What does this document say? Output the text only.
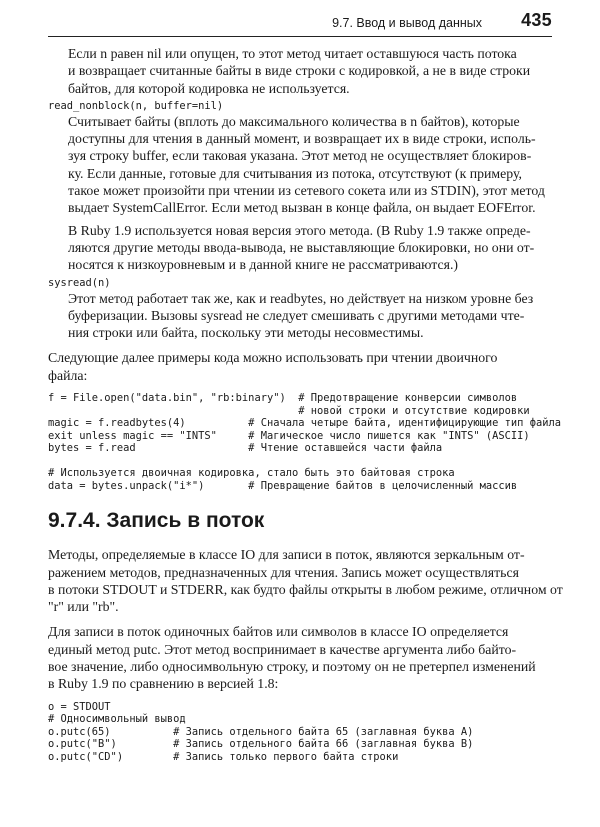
9.7. Ввод и вывод данных 435

Если n равен nil или опущен, то этот метод читает оставшуюся часть потока
и возвращает считанные байты в виде строки с кодировкой, а не в виде строки
байтов, для которой кодировка не используется.

read_nonblock(n, buffer=nil)

Считывает байты (вплоть до максимального количества в n байтов), которые
доступны для чтения в данный момент, и возвращает их в виде строки, исполь-
зуя строку buffer, если таковая указана. Этот метод не осуществляет блокиров-
ку. Если данные, готовые для считывания из потока, отсутствуют (к примеру,
такое может произойти при чтении из сетевого сокета или из STDIN), этот метод
выдает SystemCallError. Если метод вызван в конце файла, он выдает EOFError.

В Ruby 1.9 используется новая версия этого метода. (В Ruby 1.9 также опреде-
ляются другие методы ввода-вывода, не выставляющие блокировки, но они от-
носятся к низкоуровневым и в данной книге не рассматриваются.)

sysread(n)

Этот метод работает так же, как и readbytes, но действует на низком уровне без
буферизации. Вызовы sysread не следует смешивать с другими методами чте-
ния строки или байта, поскольку эти методы несовместимы.

Следующие далее примеры кода можно использовать при чтении двоичного
файла:

f = File.open("data.bin", "rb:binary")  # Предотвращение конверсии символов
# новой строки и отсутствие кодировки
magic = f.readbytes(4)          # Сначала четыре байта, идентифицирующие тип файла
exit unless magic == "INTS"     # Магическое число пишется как "INTS" (ASCII)
bytes = f.read                  # Чтение оставшейся части файла
# Используется двоичная кодировка, стало быть это байтовая строка
data = bytes.unpack("i*")       # Превращение байтов в целочисленный массив
9.7.4. Запись в поток

Методы, определяемые в классе IO для записи в поток, являются зеркальным от-
ражением методов, предназначенных для чтения. Запись может осуществляться
в потоки STDOUT и STDERR, как будто файлы открыты в любом режиме, отличном от
"r" или "rb".

Для записи в поток одиночных байтов или символов в классе IO определяется
единый метод putc. Этот метод воспринимает в качестве аргумента либо байто-
вое значение, либо односимвольную строку, и поэтому он не претерпел изменений
в Ruby 1.9 по сравнению в версией 1.8:

o = STDOUT
# Односимвольный вывод
o.putc(65)          # Запись отдельного байта 65 (заглавная буква A)
o.putc("B")         # Запись отдельного байта 66 (заглавная буква B)
o.putc("CD")        # Запись только первого байта строки
